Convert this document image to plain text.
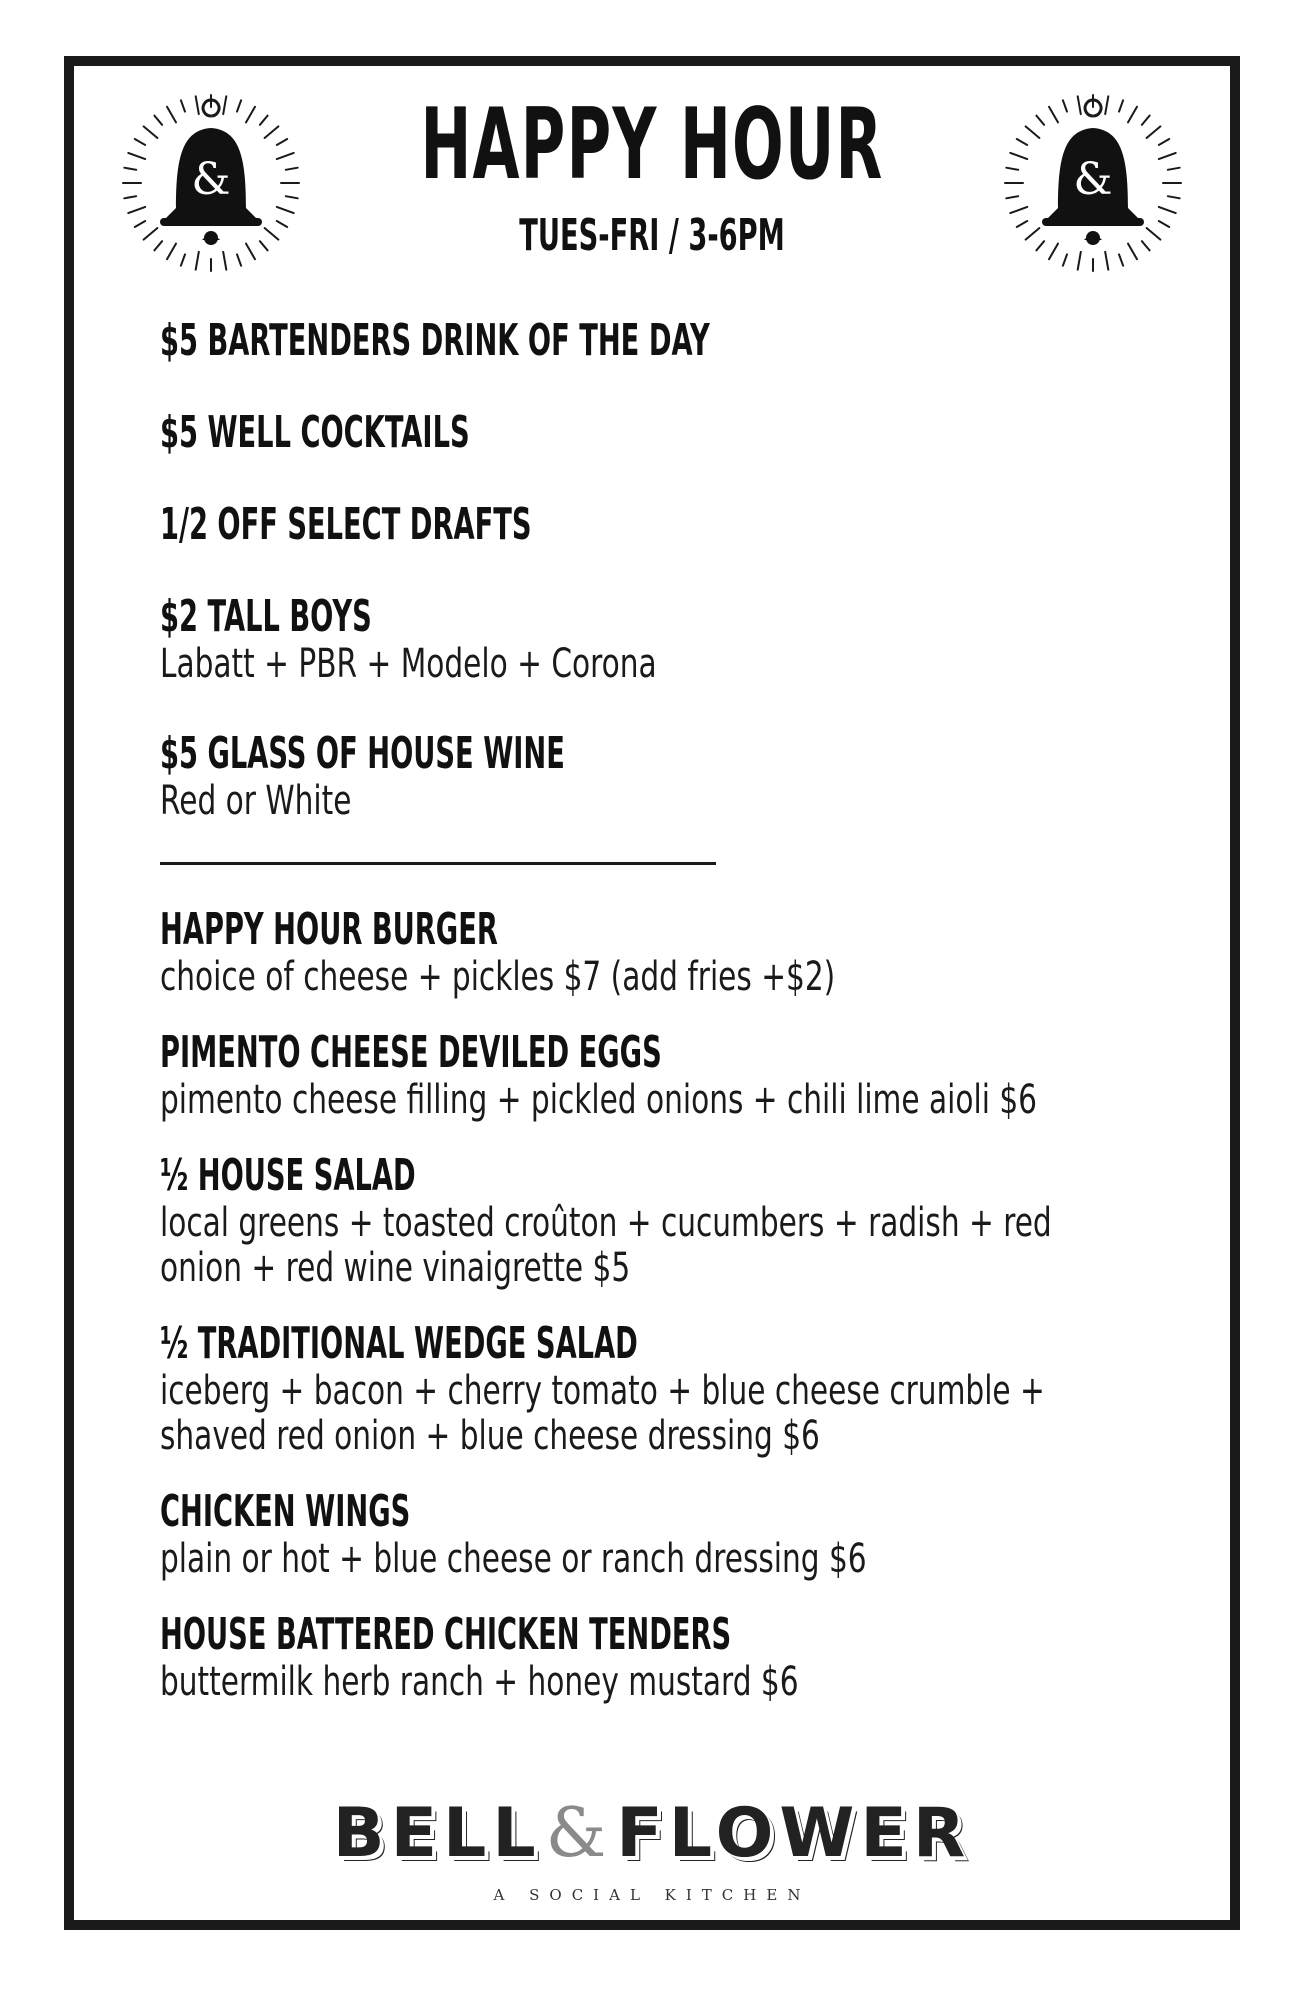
&	&
HAPPY HOUR
TUES-FRI / 3-6PM
$5 BARTENDERS DRINK OF THE DAY
$5 WELL COCKTAILS
1/2 OFF SELECT DRAFTS
$2 TALL BOYS
Labatt + PBR + Modelo + Corona
$5 GLASS OF HOUSE WINE
Red or White
HAPPY HOUR BURGER
choice of cheese + pickles $7 (add fries +$2)
PIMENTO CHEESE DEVILED EGGS
pimento cheese filling + pickled onions + chili lime aioli $6
½ HOUSE SALAD
local greens + toasted croûton + cucumbers + radish + red
onion + red wine vinaigrette $5
½ TRADITIONAL WEDGE SALAD
iceberg + bacon + cherry tomato + blue cheese crumble +
shaved red onion + blue cheese dressing $6
CHICKEN WINGS
plain or hot + blue cheese or ranch dressing $6
HOUSE BATTERED CHICKEN TENDERS
buttermilk herb ranch + honey mustard $6
BELL&FLOWER
A SOCIAL KITCHEN
